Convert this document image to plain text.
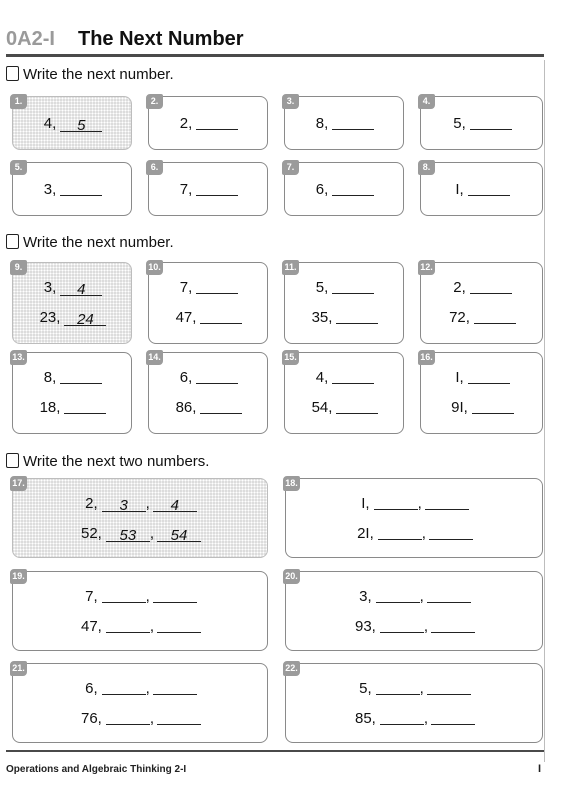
0A2-I The Next Number
Write the next number.
Write the next number.
Write the next two numbers.
1.
4, 5
2.
2,
3.
8,
4.
5,
5.
3,
6.
7,
7.
6,
8.
I,
9.
3, 4
23, 24
10.
7,
47,
11.
5,
35,
12.
2,
72,
13.
8,
18,
14.
6,
86,
15.
4,
54,
16.
I,
9I,
17.
2, 3 , 4
52, 53 , 54
18.
I,	,
2I,	,
19.
7,	,
47,	,
20.
3,	,
93,	,
21.
6,	,
76,	,
22.
5,	,
85,	,
Operations and Algebraic Thinking 2-I	I
